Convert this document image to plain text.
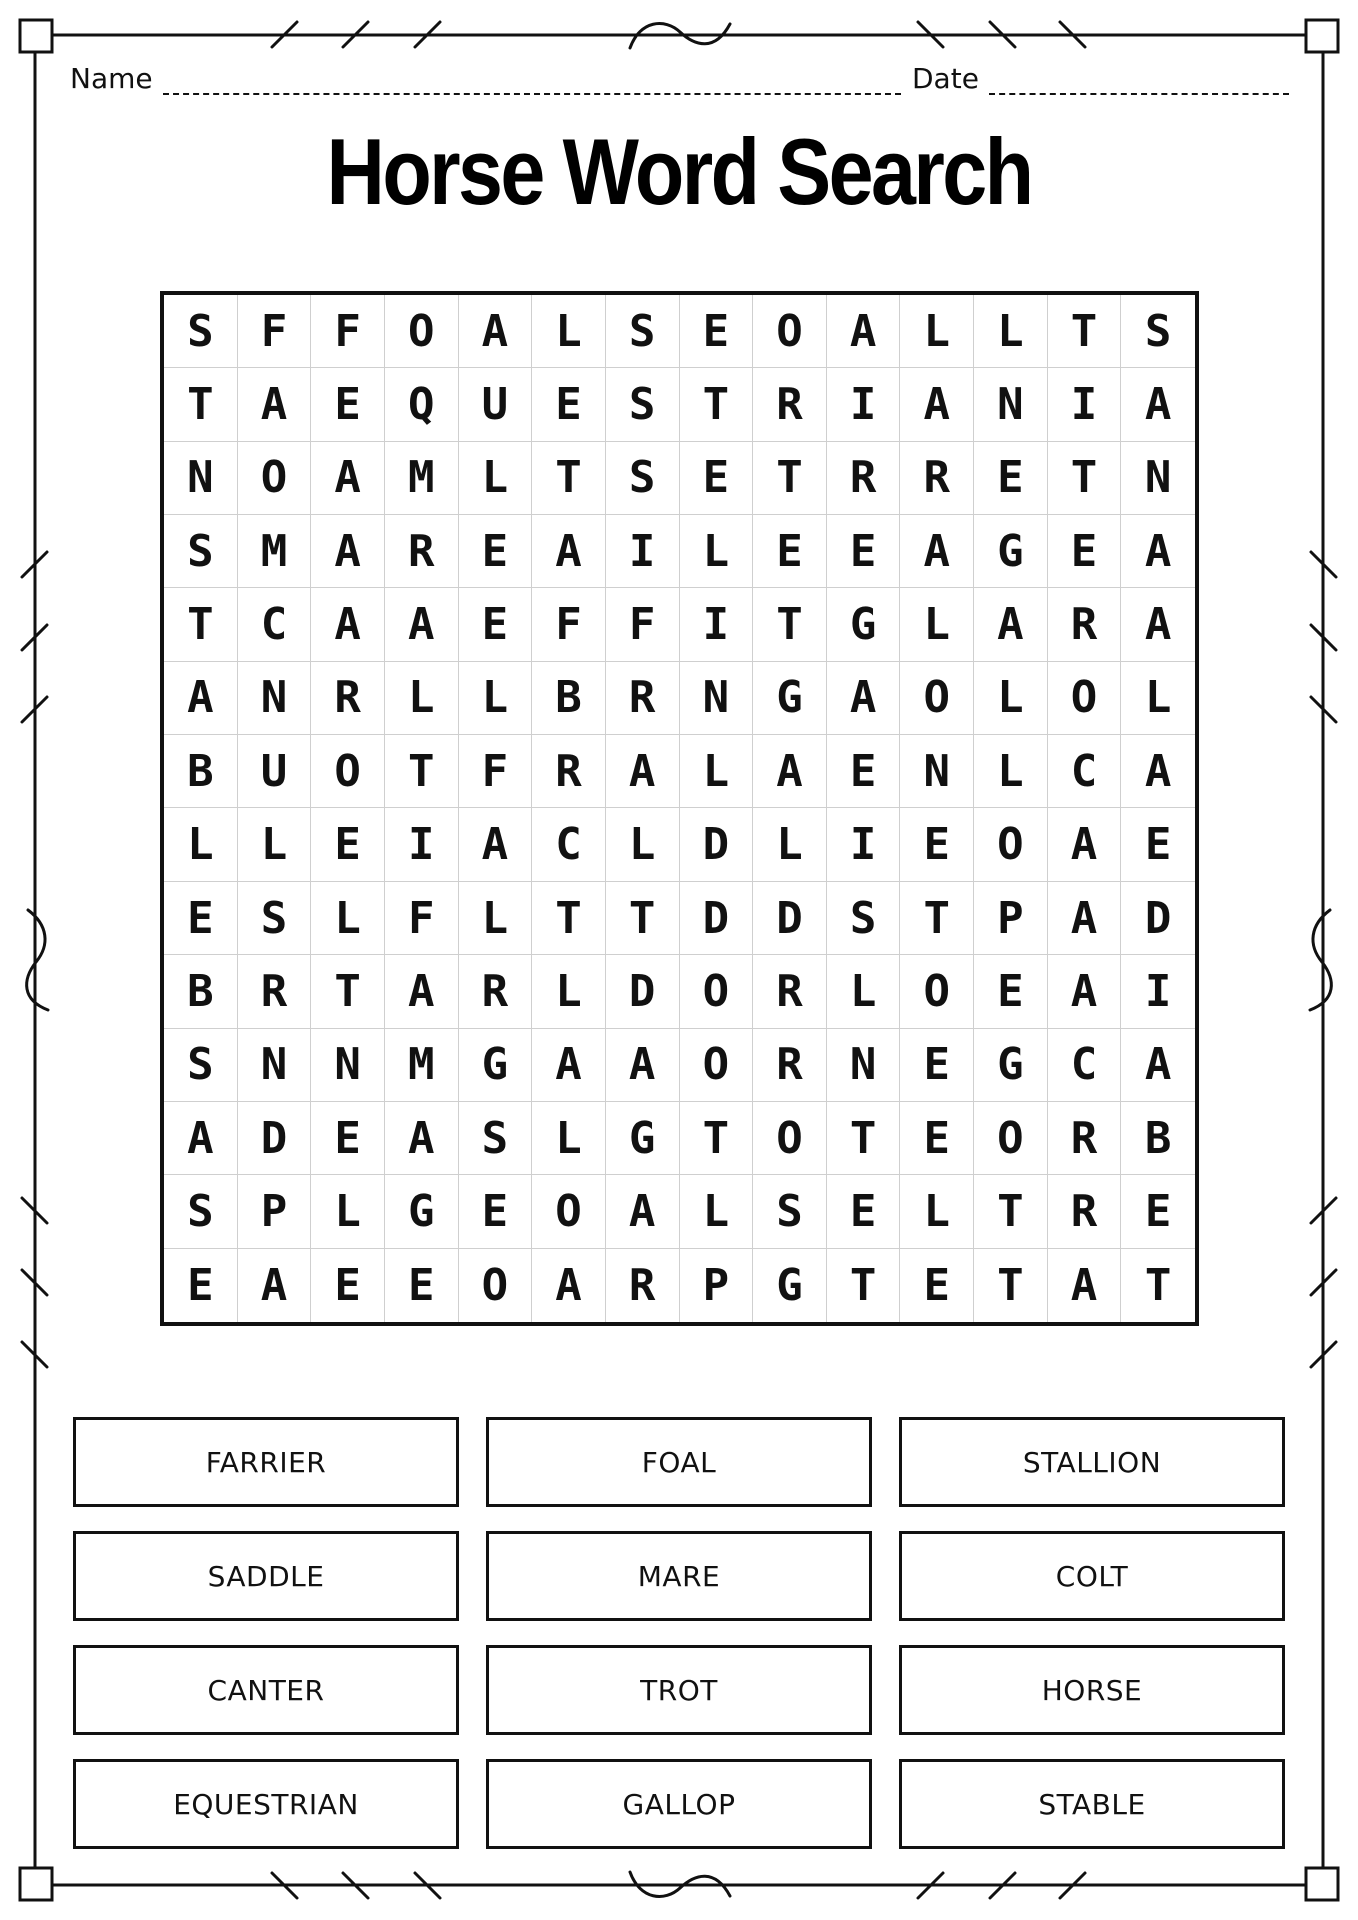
Name	Date
Horse Word Search
S	F	F	O	A	L	S	E	O	A	L	L	T	S
T	A	E	Q	U	E	S	T	R	I	A	N	I	A
N	O	A	M	L	T	S	E	T	R	R	E	T	N
S	M	A	R	E	A	I	L	E	E	A	G	E	A
T	C	A	A	E	F	F	I	T	G	L	A	R	A
A	N	R	L	L	B	R	N	G	A	O	L	O	L
B	U	O	T	F	R	A	L	A	E	N	L	C	A
L	L	E	I	A	C	L	D	L	I	E	O	A	E
E	S	L	F	L	T	T	D	D	S	T	P	A	D
B	R	T	A	R	L	D	O	R	L	O	E	A	I
S	N	N	M	G	A	A	O	R	N	E	G	C	A
A	D	E	A	S	L	G	T	O	T	E	O	R	B
S	P	L	G	E	O	A	L	S	E	L	T	R	E
E	A	E	E	O	A	R	P	G	T	E	T	A	T
FARRIER	FOAL	STALLION
SADDLE	MARE	COLT
CANTER	TROT	HORSE
EQUESTRIAN	GALLOP	STABLE
